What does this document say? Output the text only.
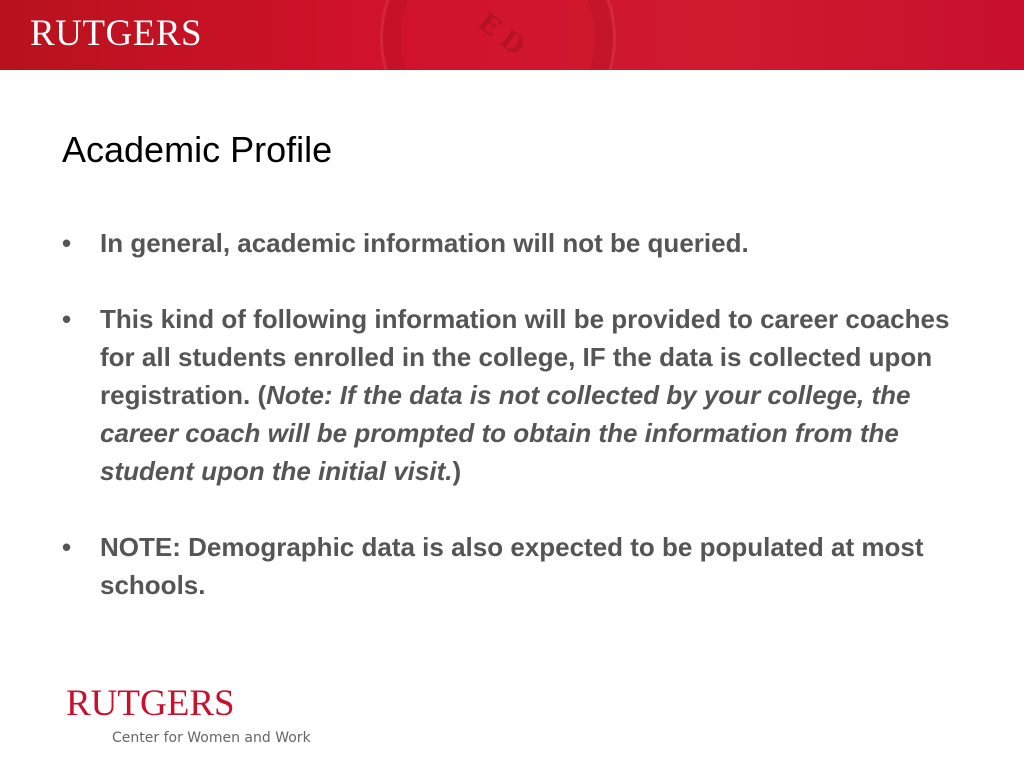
ED
RUTGERS
Academic Profile
• In general, academic information will not be queried.
• This kind of following information will be provided to career coaches for all students enrolled in the college, IF the data is collected upon registration. (Note: If the data is not collected by your college, the career coach will be prompted to obtain the information from the student upon the initial visit.)
• NOTE: Demographic data is also expected to be populated at most schools.
RUTGERS
Center for Women and Work
